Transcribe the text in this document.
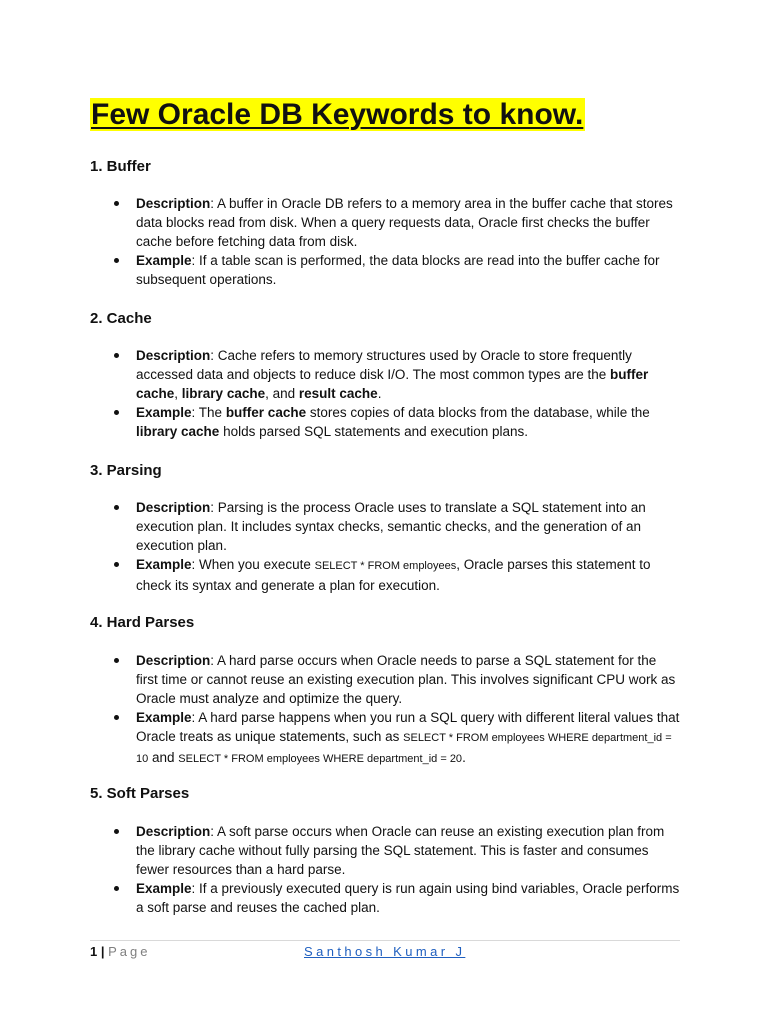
Few Oracle DB Keywords to know.
1. Buffer
Description: A buffer in Oracle DB refers to a memory area in the buffer cache that stores data blocks read from disk. When a query requests data, Oracle first checks the buffer cache before fetching data from disk.
Example: If a table scan is performed, the data blocks are read into the buffer cache for subsequent operations.
2. Cache
Description: Cache refers to memory structures used by Oracle to store frequently accessed data and objects to reduce disk I/O. The most common types are the buffer cache, library cache, and result cache.
Example: The buffer cache stores copies of data blocks from the database, while the library cache holds parsed SQL statements and execution plans.
3. Parsing
Description: Parsing is the process Oracle uses to translate a SQL statement into an execution plan. It includes syntax checks, semantic checks, and the generation of an execution plan.
Example: When you execute SELECT * FROM employees, Oracle parses this statement to check its syntax and generate a plan for execution.
4. Hard Parses
Description: A hard parse occurs when Oracle needs to parse a SQL statement for the first time or cannot reuse an existing execution plan. This involves significant CPU work as Oracle must analyze and optimize the query.
Example: A hard parse happens when you run a SQL query with different literal values that Oracle treats as unique statements, such as SELECT * FROM employees WHERE department_id = 10 and SELECT * FROM employees WHERE department_id = 20.
5. Soft Parses
Description: A soft parse occurs when Oracle can reuse an existing execution plan from the library cache without fully parsing the SQL statement. This is faster and consumes fewer resources than a hard parse.
Example: If a previously executed query is run again using bind variables, Oracle performs a soft parse and reuses the cached plan.
1 | Page	Santhosh Kumar J
